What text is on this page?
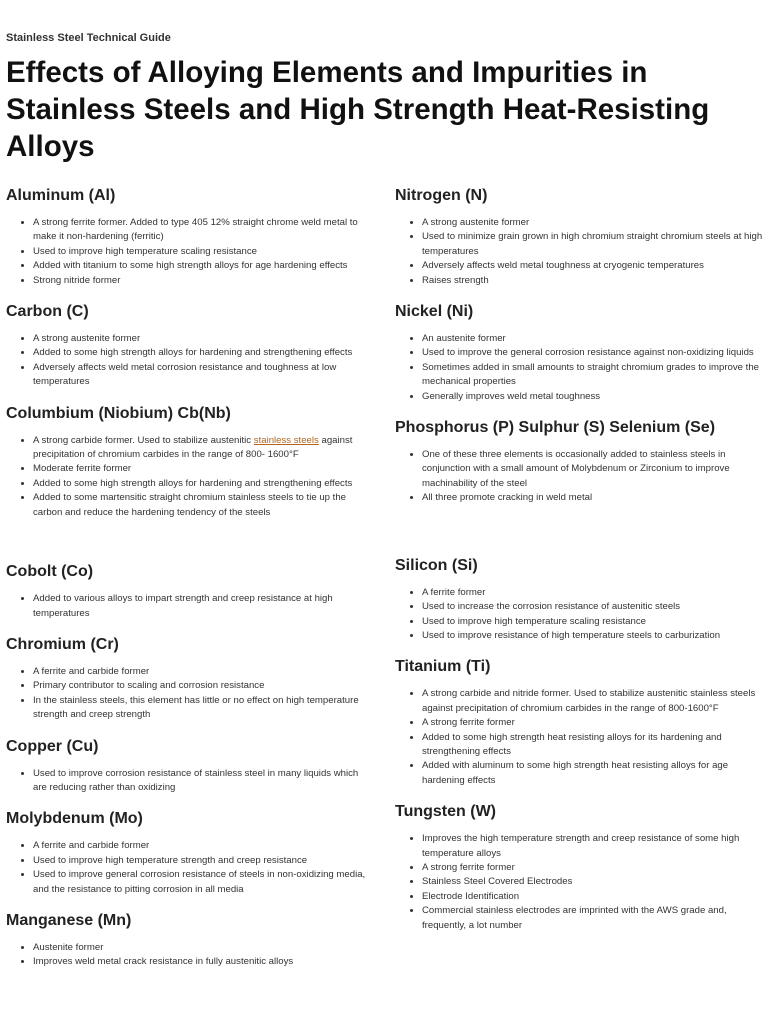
Stainless Steel Technical Guide
Effects of Alloying Elements and Impurities in Stainless Steels and High Strength Heat-Resisting Alloys
Aluminum (Al)
• A strong ferrite former. Added to type 405 12% straight chrome weld metal to make it non-hardening (ferritic)
• Used to improve high temperature scaling resistance
• Added with titanium to some high strength alloys for age hardening effects
• Strong nitride former
Carbon (C)
• A strong austenite former
• Added to some high strength alloys for hardening and strengthening effects
• Adversely affects weld metal corrosion resistance and toughness at low temperatures
Columbium (Niobium) Cb(Nb)
• A strong carbide former. Used to stabilize austenitic stainless steels against precipitation of chromium carbides in the range of 800- 1600°F
• Moderate ferrite former
• Added to some high strength alloys for hardening and strengthening effects
• Added to some martensitic straight chromium stainless steels to tie up the carbon and reduce the hardening tendency of the steels
Cobolt (Co)
• Added to various alloys to impart strength and creep resistance at high temperatures
Chromium (Cr)
• A ferrite and carbide former
• Primary contributor to scaling and corrosion resistance
• In the stainless steels, this element has little or no effect on high temperature strength and creep strength
Copper (Cu)
• Used to improve corrosion resistance of stainless steel in many liquids which are reducing rather than oxidizing
Molybdenum (Mo)
• A ferrite and carbide former
• Used to improve high temperature strength and creep resistance
• Used to improve general corrosion resistance of steels in non-oxidizing media, and the resistance to pitting corrosion in all media
Manganese (Mn)
• Austenite former
• Improves weld metal crack resistance in fully austenitic alloys
Nitrogen (N)
• A strong austenite former
• Used to minimize grain grown in high chromium straight chromium steels at high temperatures
• Adversely affects weld metal toughness at cryogenic temperatures
• Raises strength
Nickel (Ni)
• An austenite former
• Used to improve the general corrosion resistance against non-oxidizing liquids
• Sometimes added in small amounts to straight chromium grades to improve the mechanical properties
• Generally improves weld metal toughness
Phosphorus (P) Sulphur (S) Selenium (Se)
• One of these three elements is occasionally added to stainless steels in conjunction with a small amount of Molybdenum or Zirconium to improve machinability of the steel
• All three promote cracking in weld metal
Silicon (Si)
• A ferrite former
• Used to increase the corrosion resistance of austenitic steels
• Used to improve high temperature scaling resistance
• Used to improve resistance of high temperature steels to carburization
Titanium (Ti)
• A strong carbide and nitride former. Used to stabilize austenitic stainless steels against precipitation of chromium carbides in the range of 800-1600°F
• A strong ferrite former
• Added to some high strength heat resisting alloys for its hardening and strengthening effects
• Added with aluminum to some high strength heat resisting alloys for age hardening effects
Tungsten (W)
• Improves the high temperature strength and creep resistance of some high temperature alloys
• A strong ferrite former
• Stainless Steel Covered Electrodes
• Electrode Identification
• Commercial stainless electrodes are imprinted with the AWS grade and, frequently, a lot number
